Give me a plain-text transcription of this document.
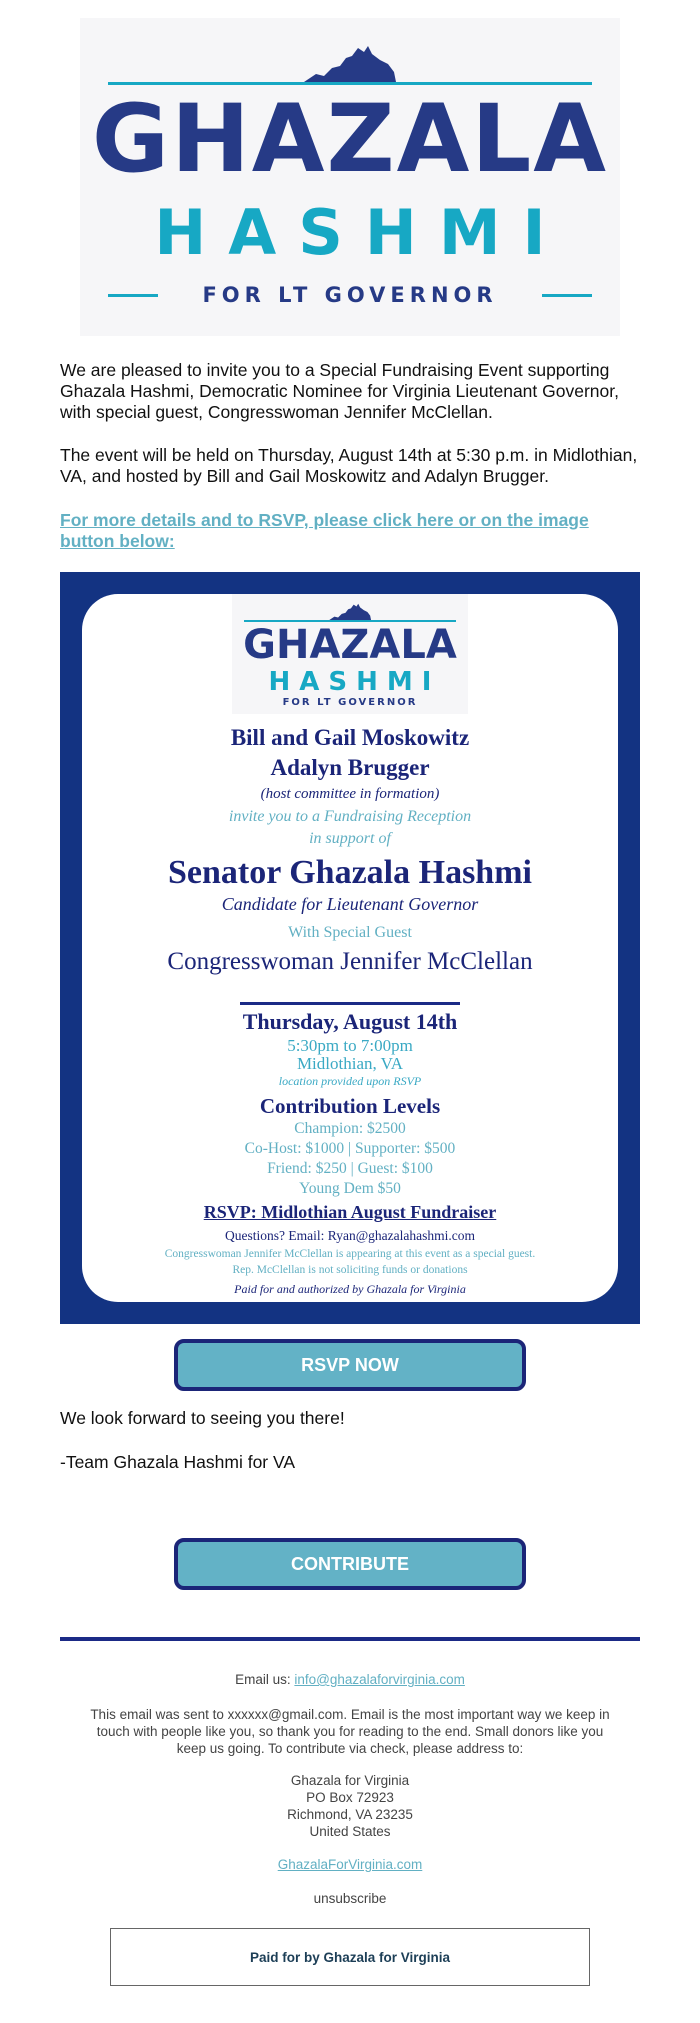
GHAZALA
HASHMI
FOR LT GOVERNOR

We are pleased to invite you to a Special Fundraising Event supporting Ghazala Hashmi, Democratic Nominee for Virginia Lieutenant Governor, with special guest, Congresswoman Jennifer McClellan.

The event will be held on Thursday, August 14th at 5:30 p.m. in Midlothian, VA, and hosted by Bill and Gail Moskowitz and Adalyn Brugger.

For more details and to RSVP, please click here or on the image button below:
GHAZALA
HASHMI
FOR LT GOVERNOR
Bill and Gail Moskowitz
Adalyn Brugger
(host committee in formation)
invite you to a Fundraising Reception
in support of
Senator Ghazala Hashmi
Candidate for Lieutenant Governor
With Special Guest
Congresswoman Jennifer McClellan
Thursday, August 14th
5:30pm to 7:00pm
Midlothian, VA
location provided upon RSVP
Contribution Levels
Champion: $2500
Co-Host: $1000 | Supporter: $500
Friend: $250 | Guest: $100
Young Dem $50
RSVP: Midlothian August Fundraiser
Questions? Email: Ryan@ghazalahashmi.com
Congresswoman Jennifer McClellan is appearing at this event as a special guest.
Rep. McClellan is not soliciting funds or donations
Paid for and authorized by Ghazala for Virginia
RSVP NOW

We look forward to seeing you there!

-Team Ghazala Hashmi for VA

CONTRIBUTE
Email us: info@ghazalaforvirginia.com
This email was sent to xxxxxx@gmail.com. Email is the most important way we keep in touch with people like you, so thank you for reading to the end. Small donors like you keep us going. To contribute via check, please address to:
Ghazala for Virginia
PO Box 72923
Richmond, VA 23235
United States
GhazalaForVirginia.com
unsubscribe
Paid for by Ghazala for Virginia
